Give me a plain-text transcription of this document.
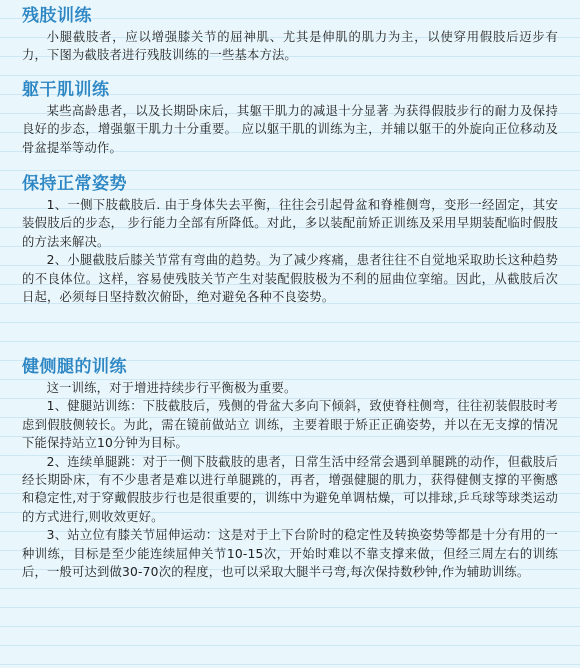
残肢训练

小腿截肢者，应以增强膝关节的屈神肌、尤其是伸肌的肌力为主，以使穿用假肢后迈步有力，下图为截肢者进行残肢训练的一些基本方法。

躯干肌训练

某些高龄患者，以及长期卧床后，其躯干肌力的减退十分显著 为获得假肢步行的耐力及保持良好的步态，增强躯干肌力十分重要。 应以躯干肌的训练为主，并辅以躯干的外旋向正位移动及骨盆提举等动作。

保持正常姿势

1、一侧下肢截肢后. 由于身体失去平衡，往往会引起骨盆和脊椎侧弯，变形一经固定，其安装假肢后的步态， 步行能力全部有所降低。对此，多以装配前矫正训练及采用早期装配临时假肢的方法来解决。

2、小腿截肢后膝关节常有弯曲的趋势。为了减少疼痛，患者往往不自觉地采取助长这种趋势的不良体位。这样，容易使残肢关节产生对装配假肢极为不利的屈曲位挛缩。因此，从截肢后次日起，必须每日坚持数次俯卧，绝对避免各种不良姿势。

健侧腿的训练

这一训练，对于增进持续步行平衡极为重要。

1、健腿站训练：下肢截肢后，残侧的骨盆大多向下倾斜，致使脊柱侧弯，往往初装假肢时考虑到假肢侧较长。为此，需在镜前做站立 训练，主要着眼于矫正正确姿势，并以在无支撑的情况下能保持站立10分钟为目标。

2、连续单腿跳：对于一侧下肢截肢的患者，日常生活中经常会遇到单腿跳的动作，但截肢后经长期卧床，有不少患者是难以进行单腿跳的，再者，增强健腿的肌力，获得健侧支撑的平衡感和稳定性,对于穿戴假肢步行也是很重要的，训练中为避免单调枯燥，可以排球,乒乓球等球类运动的方式进行,则收效更好。

3、站立位有膝关节屈伸运动：这是对于上下台阶时的稳定性及转换姿势等都是十分有用的一种训练，目标是至少能连续屈伸关节10-15次，开始时难以不靠支撑来做，但经三周左右的训练后，一般可达到做30-70次的程度，也可以采取大腿半弓弯,每次保持数秒钟,作为辅助训练。
